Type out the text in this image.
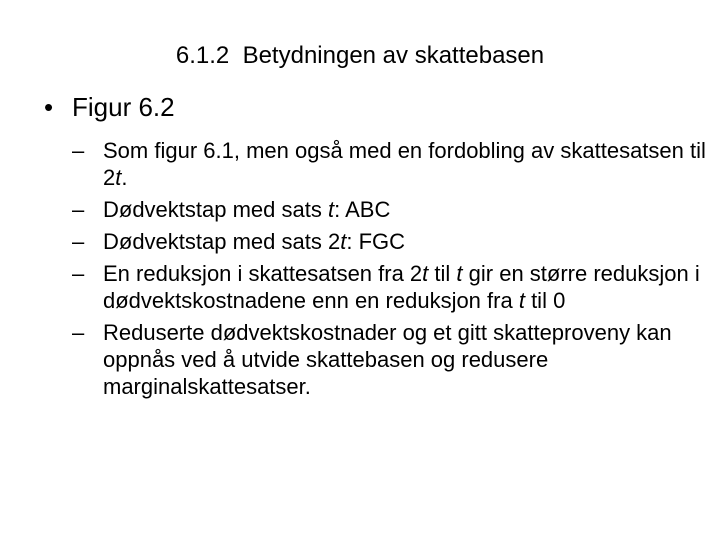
6.1.2  Betydningen av skattebasen
• Figur 6.2
– Som figur 6.1, men også med en fordobling av skattesatsen til 2t.
– Dødvektstap med sats t: ABC
– Dødvektstap med sats 2t: FGC
– En reduksjon i skattesatsen fra 2t til t gir en større reduksjon i dødvektskostnadene enn en reduksjon fra t til 0
– Reduserte dødvektskostnader og et gitt skatteproveny kan oppnås ved å utvide skattebasen og redusere marginalskattesatser.
